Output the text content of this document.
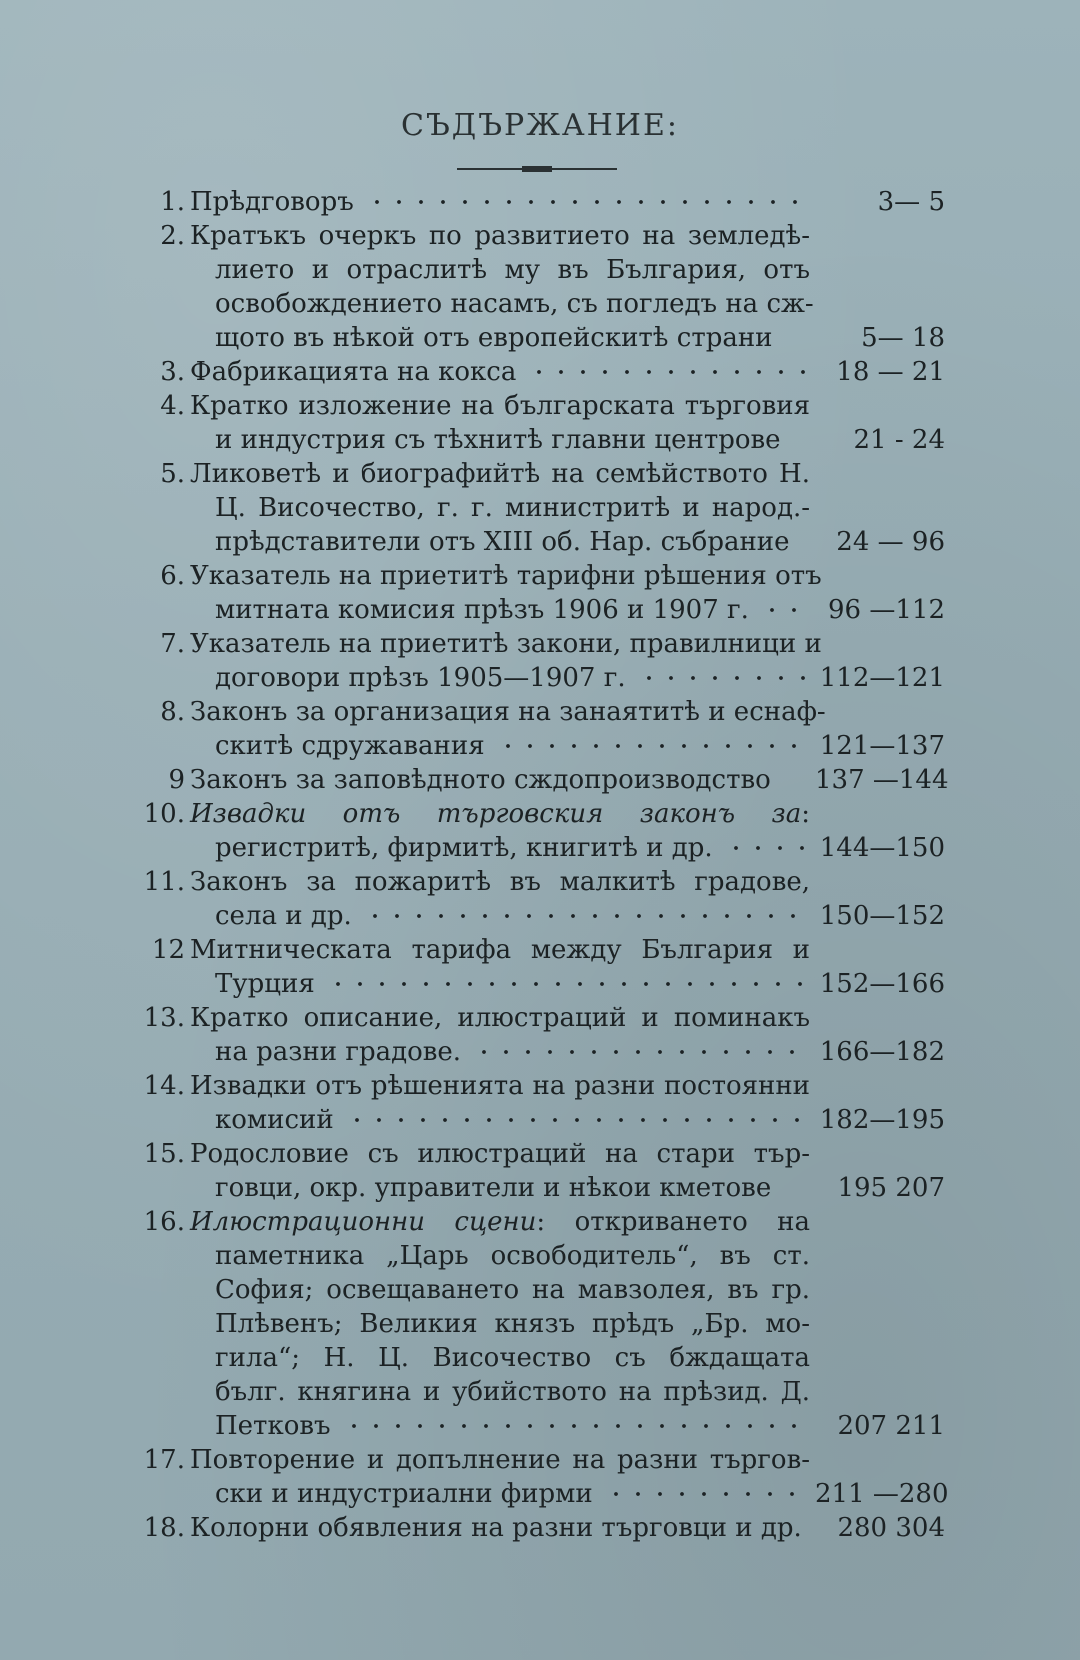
СЪДЪРЖАНИЕ:
1. Прѣдговоръ	3— 5
2. Кратъкъ очеркъ по развитието на земледѣ-
лието и отраслитѣ му въ България, отъ
освобождението насамъ, съ погледъ на сж-
щото въ нѣкой отъ европейскитѣ страни	5— 18
3. Фабрикацията на кокса	18 — 21
4. Кратко изложение на българската търговия
и индустрия съ тѣхнитѣ главни центрове	21 - 24
5. Ликоветѣ и биографийтѣ на семѣйството Н.
Ц. Височество, г. г. министритѣ и народ.-
прѣдставители отъ XIII об. Нар. събрание	24 — 96
6. Указатель на приетитѣ тарифни рѣшения отъ
митната комисия прѣзъ 1906 и 1907 г.	96 —112
7. Указатель на приетитѣ закони, правилници и
договори прѣзъ 1905—1907 г.	112—121
8. Законъ за организация на занаятитѣ и еснаф-
скитѣ сдружавания	121—137
9 Законъ за заповѣдното сждопроизводство	137 —144
10. Извадки отъ търговския законъ за:
регистритѣ, фирмитѣ, книгитѣ и др.	144—150
11. Законъ за пожаритѣ въ малкитѣ градове,
села и др.	150—152
12 Митническата тарифа между България и
Турция	152—166
13. Кратко описание, илюстраций и поминакъ
на разни градове.	166—182
14. Извадки отъ рѣшенията на разни постоянни
комисий	182—195
15. Родословие съ илюстраций на стари тър-
говци, окр. управители и нѣкои кметове	195 207
16. Илюстрационни сцени: откриването на
паметника „Царь освободитель“, въ ст.
София; освещаването на мавзолея, въ гр.
Плѣвенъ; Великия князъ прѣдъ „Бр. мо-
гила“; Н. Ц. Височество съ бждащата
бълг. княгина и убийството на прѣзид. Д.
Петковъ	207 211
17. Повторение и допълнение на разни търгов-
ски и индустриални фирми	211 —280
18. Колорни обявления на разни търговци и др.	280 304
